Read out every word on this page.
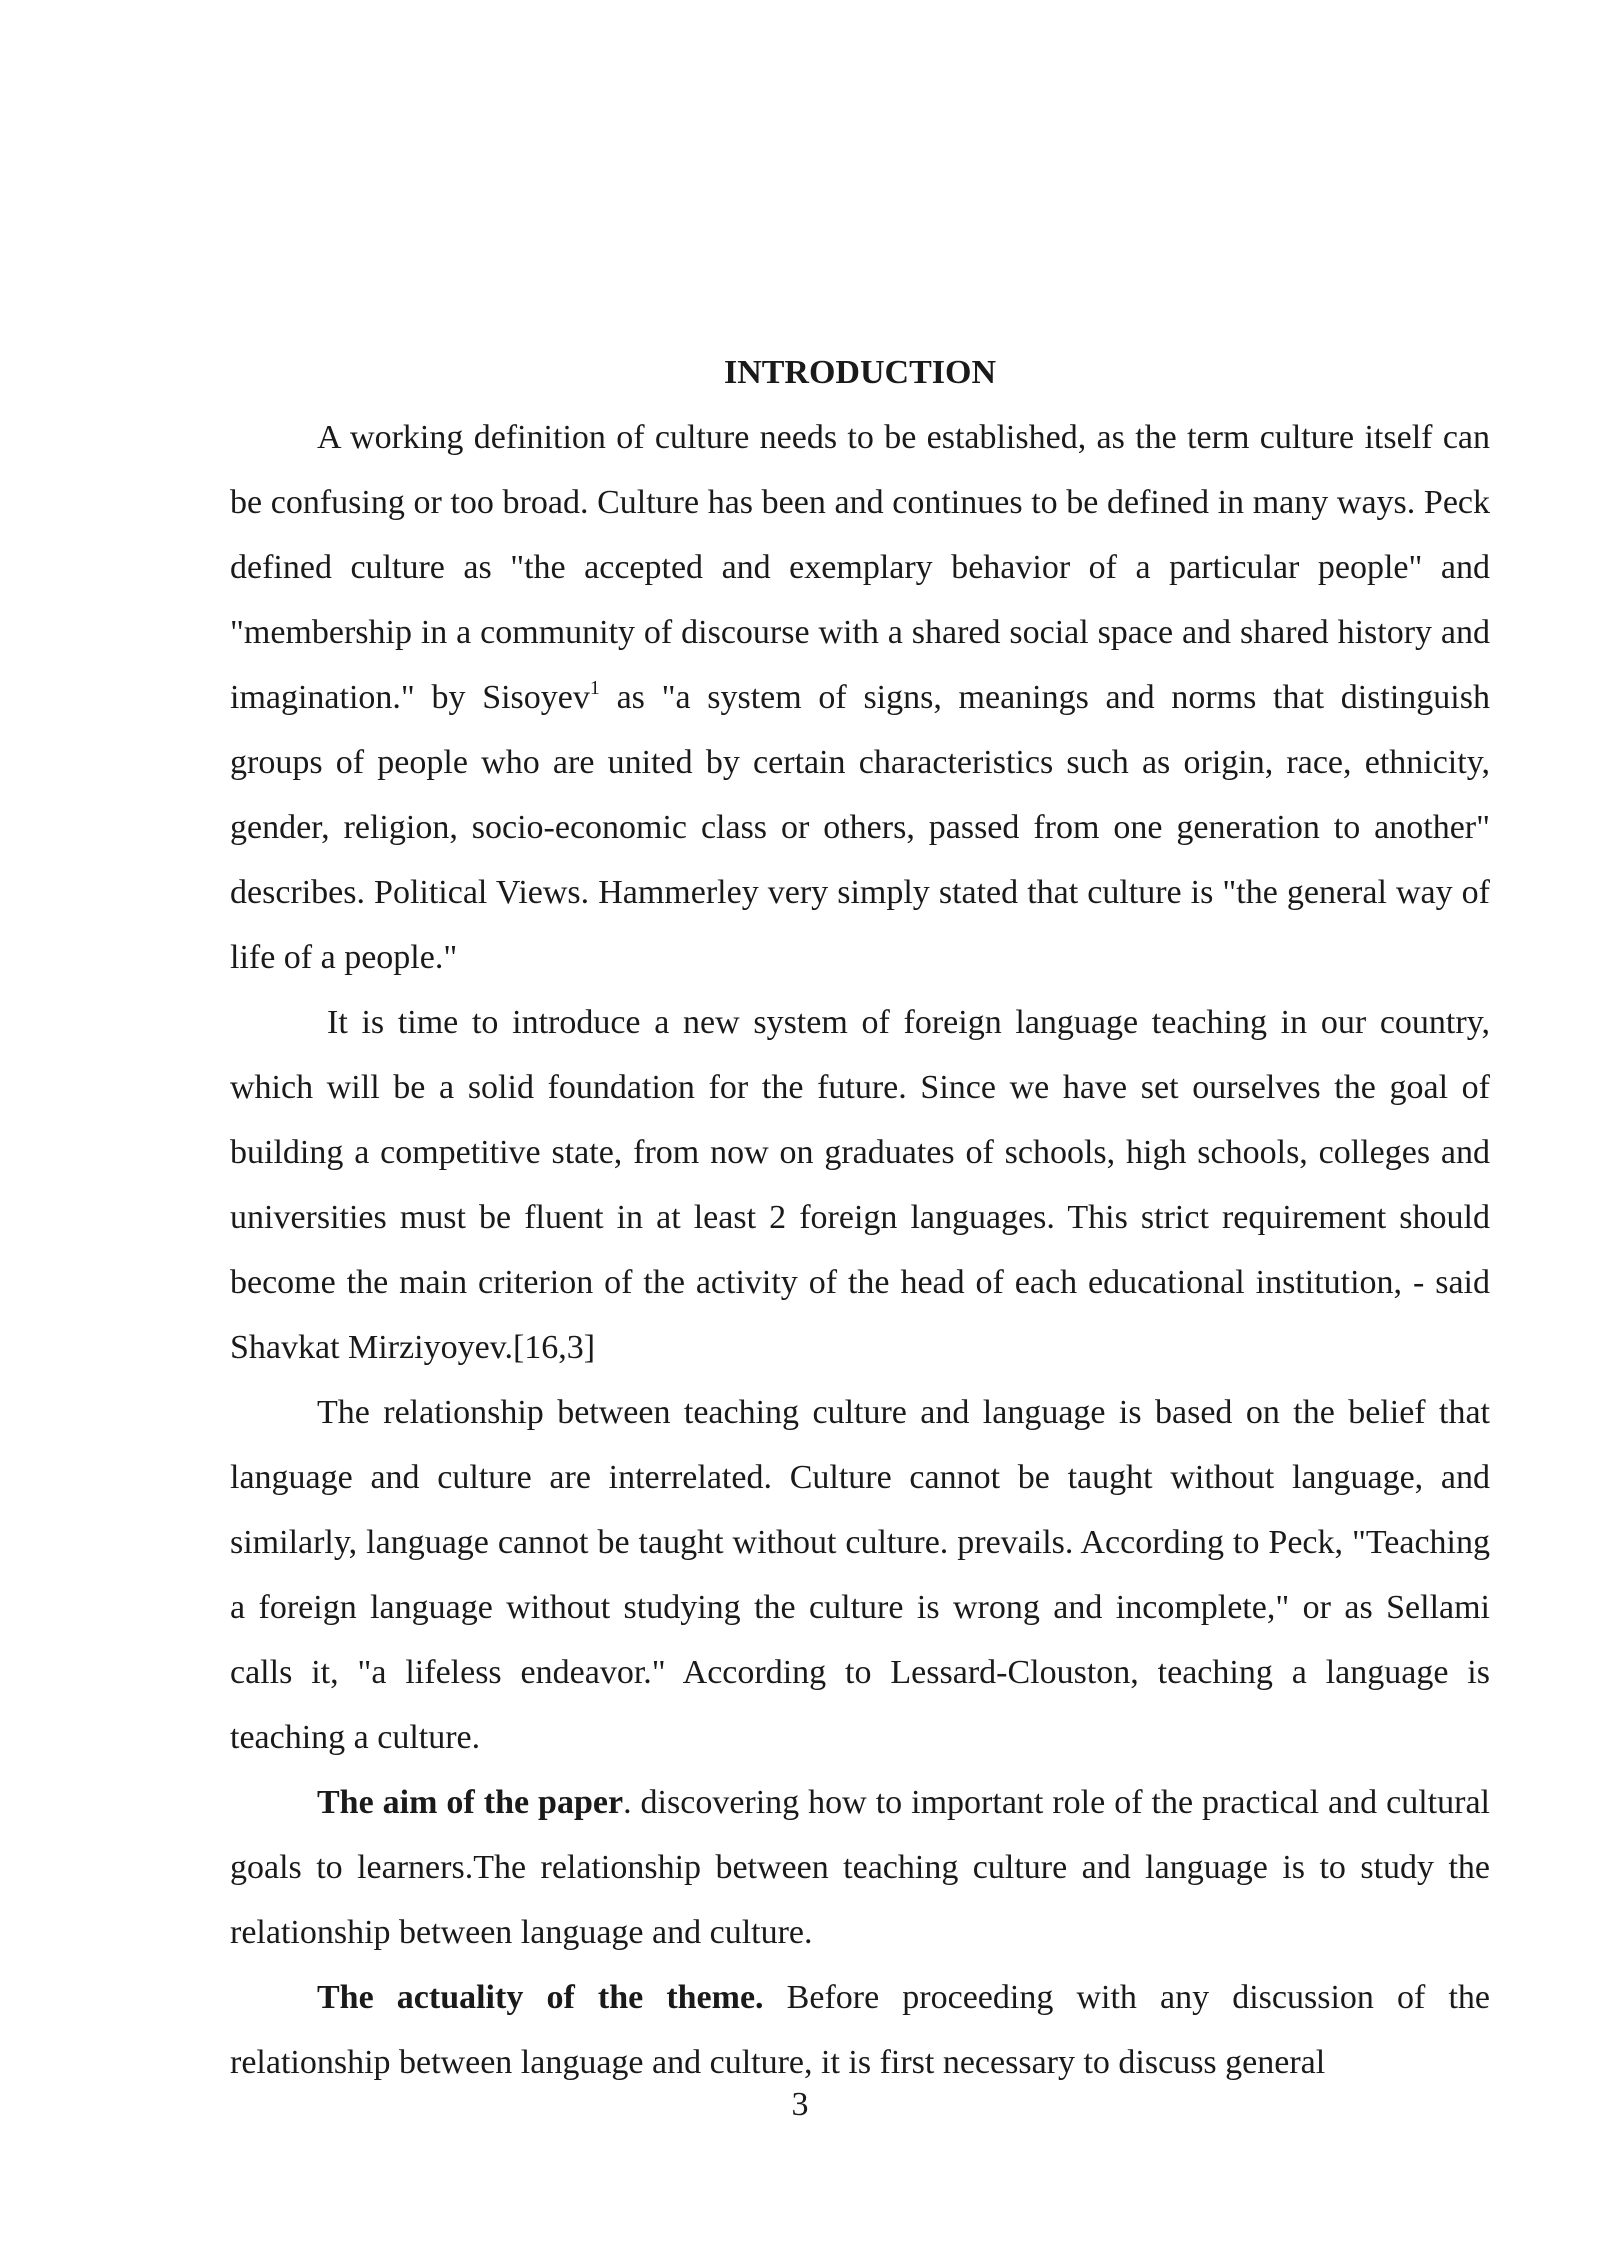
INTRODUCTION

A working definition of culture needs to be established, as the term culture itself can be confusing or too broad. Culture has been and continues to be defined in many ways. Peck defined culture as "the accepted and exemplary behavior of a particular people" and "membership in a community of discourse with a shared social space and shared history and imagination." by Sisoyev$^1$ as "a system of signs, meanings and norms that distinguish groups of people who are united by certain characteristics such as origin, race, ethnicity, gender, religion, socio-economic class or others, passed from one generation to another" describes. Political Views. Hammerley very simply stated that culture is "the general way of life of a people."

It is time to introduce a new system of foreign language teaching in our country, which will be a solid foundation for the future. Since we have set ourselves the goal of building a competitive state, from now on graduates of schools, high schools, colleges and universities must be fluent in at least 2 foreign languages. This strict requirement should become the main criterion of the activity of the head of each educational institution, - said Shavkat Mirziyoyev.[16,3]

The relationship between teaching culture and language is based on the belief that language and culture are interrelated. Culture cannot be taught without language, and similarly, language cannot be taught without culture. prevails. According to Peck, "Teaching a foreign language without studying the culture is wrong and incomplete," or as Sellami calls it, "a lifeless endeavor." According to Lessard-Clouston, teaching a language is teaching a culture.

The aim of the paper. discovering how to important role of the practical and cultural goals to learners.The relationship between teaching culture and language is to study the relationship between language and culture.

The actuality of the theme. Before proceeding with any discussion of the relationship between language and culture, it is first necessary to discuss general

3
